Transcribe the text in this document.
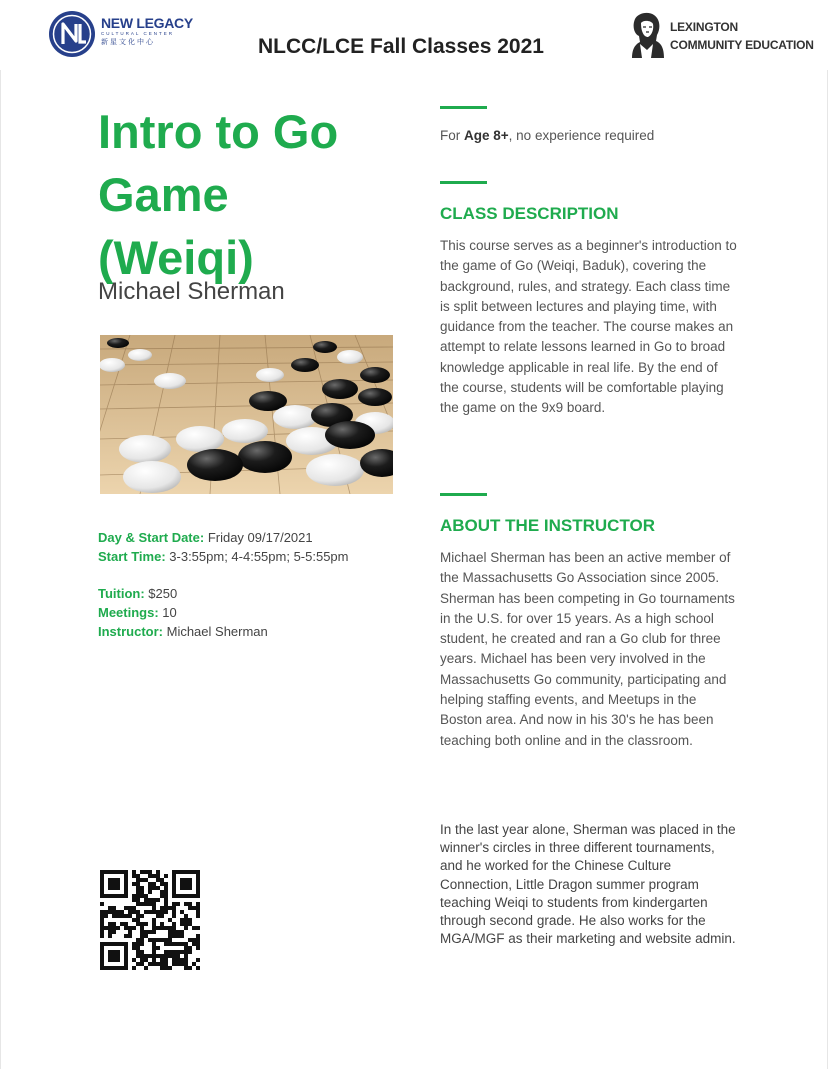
NEW LEGACY
CULTURAL CENTER
新星文化中心	NLCC/LCE Fall Classes 2021
LEXINGTON
COMMUNITY EDUCATION
Intro to Go
Game
(Weiqi)
Michael Sherman
Day & Start Date: Friday 09/17/2021
Start Time: 3-3:55pm; 4-4:55pm; 5-5:55pm
Tuition: $250
Meetings: 10
Instructor: Michael Sherman
For Age 8+, no experience required
CLASS DESCRIPTION

This course serves as a beginner's introduction to the game of Go (Weiqi, Baduk), covering the background, rules, and strategy. Each class time is split between lectures and playing time, with guidance from the teacher. The course makes an attempt to relate lessons learned in Go to broad knowledge applicable in real life. By the end of the course, students will be comfortable playing the game on the 9x9 board.

ABOUT THE INSTRUCTOR

Michael Sherman has been an active member of the Massachusetts Go Association since 2005. Sherman has been competing in Go tournaments in the U.S. for over 15 years. As a high school student, he created and ran a Go club for three years. Michael has been very involved in the Massachusetts Go community, participating and helping staffing events, and Meetups in the Boston area. And now in his 30's he has been teaching both online and in the classroom.

In the last year alone, Sherman was placed in the winner's circles in three different tournaments, and he worked for the Chinese Culture Connection, Little Dragon summer program teaching Weiqi to students from kindergarten through second grade. He also works for the MGA/MGF as their marketing and website admin.
